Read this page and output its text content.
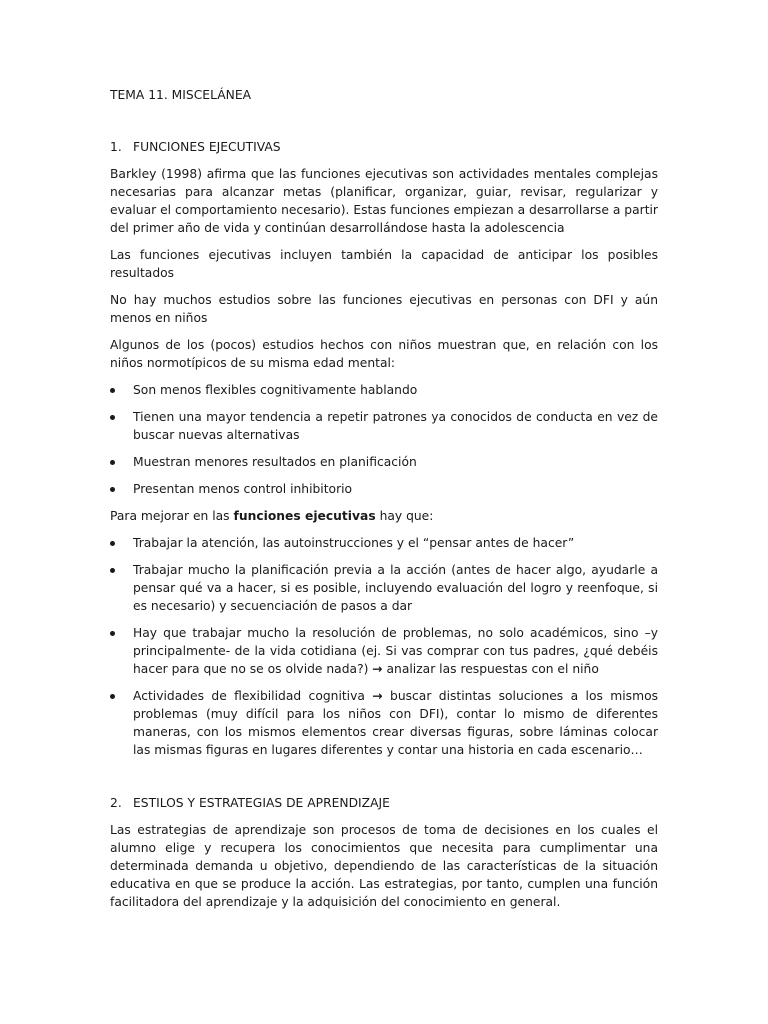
TEMA 11. MISCELÁNEA

1. FUNCIONES EJECUTIVAS

Barkley (1998) afirma que las funciones ejecutivas son actividades mentales complejas necesarias para alcanzar metas (planificar, organizar, guiar, revisar, regularizar y evaluar el comportamiento necesario). Estas funciones empiezan a desarrollarse a partir del primer año de vida y continúan desarrollándose hasta la adolescencia

Las funciones ejecutivas incluyen también la capacidad de anticipar los posibles resultados

No hay muchos estudios sobre las funciones ejecutivas en personas con DFI y aún menos en niños

Algunos de los (pocos) estudios hechos con niños muestran que, en relación con los niños normotípicos de su misma edad mental:

Son menos flexibles cognitivamente hablando
Tienen una mayor tendencia a repetir patrones ya conocidos de conducta en vez de buscar nuevas alternativas
Muestran menores resultados en planificación
Presentan menos control inhibitorio

Para mejorar en las funciones ejecutivas hay que:

Trabajar la atención, las autoinstrucciones y el “pensar antes de hacer”
Trabajar mucho la planificación previa a la acción (antes de hacer algo, ayudarle a pensar qué va a hacer, si es posible, incluyendo evaluación del logro y reenfoque, si es necesario) y secuenciación de pasos a dar
Hay que trabajar mucho la resolución de problemas, no solo académicos, sino –y principalmente- de la vida cotidiana (ej. Si vas comprar con tus padres, ¿qué debéis hacer para que no se os olvide nada?) → analizar las respuestas con el niño
Actividades de flexibilidad cognitiva → buscar distintas soluciones a los mismos problemas (muy difícil para los niños con DFI), contar lo mismo de diferentes maneras, con los mismos elementos crear diversas figuras, sobre láminas colocar las mismas figuras en lugares diferentes y contar una historia en cada escenario…
2. ESTILOS Y ESTRATEGIAS DE APRENDIZAJE

Las estrategias de aprendizaje son procesos de toma de decisiones en los cuales el alumno elige y recupera los conocimientos que necesita para cumplimentar una determinada demanda u objetivo, dependiendo de las características de la situación educativa en que se produce la acción. Las estrategias, por tanto, cumplen una función facilitadora del aprendizaje y la adquisición del conocimiento en general.
